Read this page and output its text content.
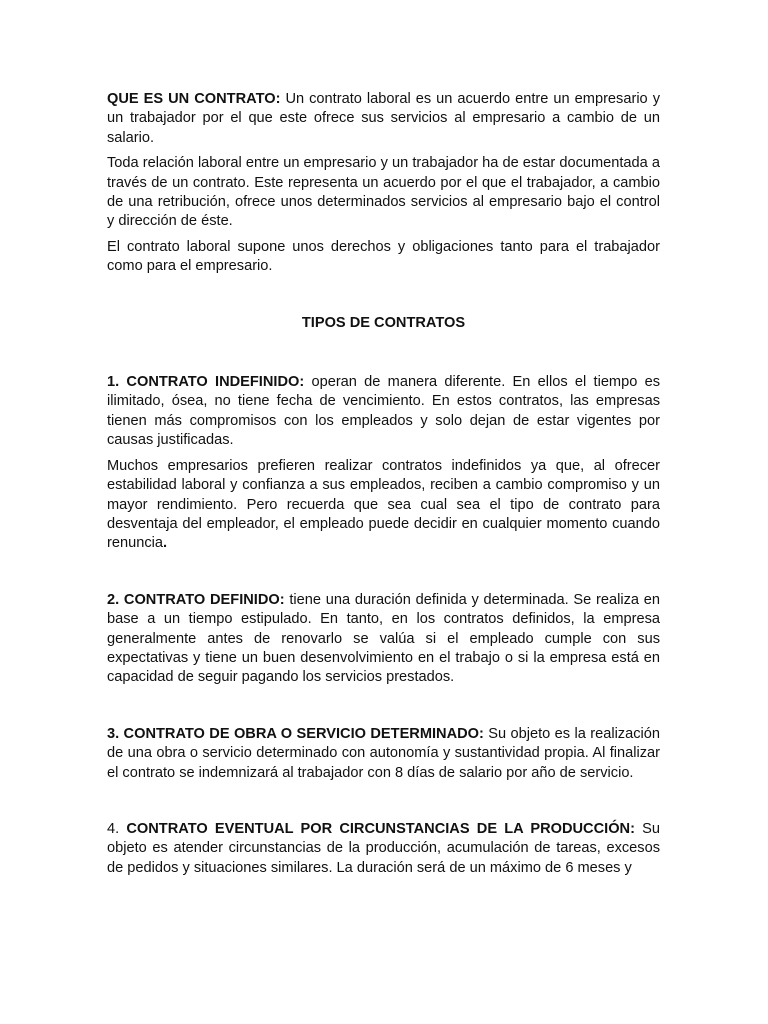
QUE ES UN CONTRATO: Un contrato laboral es un acuerdo entre un empresario y un trabajador por el que este ofrece sus servicios al empresario a cambio de un salario.

Toda relación laboral entre un empresario y un trabajador ha de estar documentada a través de un contrato. Este representa un acuerdo por el que el trabajador, a cambio de una retribución, ofrece unos determinados servicios al empresario bajo el control y dirección de éste.

El contrato laboral supone unos derechos y obligaciones tanto para el trabajador como para el empresario.

TIPOS DE CONTRATOS

1. CONTRATO INDEFINIDO: operan de manera diferente. En ellos el tiempo es ilimitado, ósea, no tiene fecha de vencimiento. En estos contratos, las empresas tienen más compromisos con los empleados y solo dejan de estar vigentes por causas justificadas.

Muchos empresarios prefieren realizar contratos indefinidos ya que, al ofrecer estabilidad laboral y confianza a sus empleados, reciben a cambio compromiso y un mayor rendimiento. Pero recuerda que sea cual sea el tipo de contrato para desventaja del empleador, el empleado puede decidir en cualquier momento cuando renuncia.

2. CONTRATO DEFINIDO: tiene una duración definida y determinada. Se realiza en base a un tiempo estipulado. En tanto, en los contratos definidos, la empresa generalmente antes de renovarlo se valúa si el empleado cumple con sus expectativas y tiene un buen desenvolvimiento en el trabajo o si la empresa está en capacidad de seguir pagando los servicios prestados.

3. CONTRATO DE OBRA O SERVICIO DETERMINADO: Su objeto es la realización de una obra o servicio determinado con autonomía y sustantividad propia. Al finalizar el contrato se indemnizará al trabajador con 8 días de salario por año de servicio.

4. CONTRATO EVENTUAL POR CIRCUNSTANCIAS DE LA PRODUCCIÓN: Su objeto es atender circunstancias de la producción, acumulación de tareas, excesos de pedidos y situaciones similares. La duración será de un máximo de 6 meses y
